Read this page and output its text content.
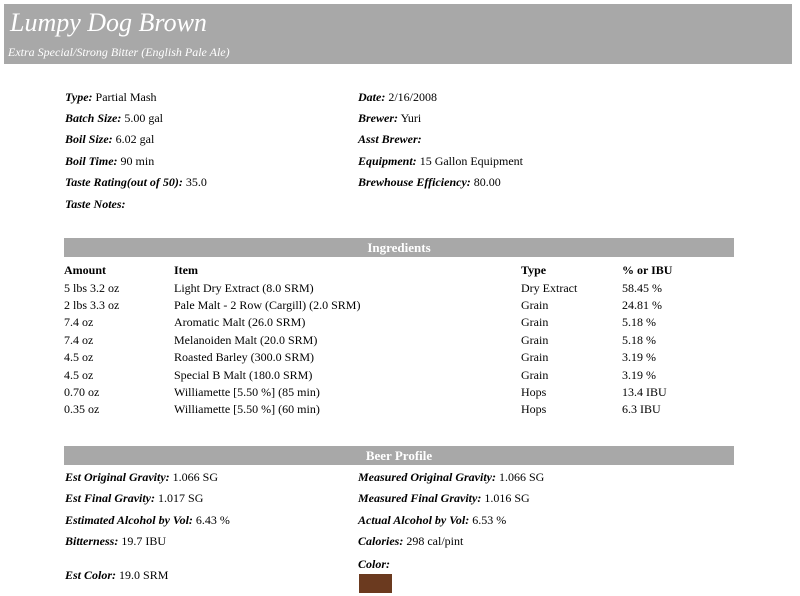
Lumpy Dog Brown
Extra Special/Strong Bitter (English Pale Ale)
Type: Partial Mash
Batch Size: 5.00 gal
Boil Size: 6.02 gal
Boil Time: 90 min
Taste Rating(out of 50): 35.0
Taste Notes:
Date: 2/16/2008
Brewer: Yuri
Asst Brewer:
Equipment: 15 Gallon Equipment
Brewhouse Efficiency: 80.00
Ingredients
Amount	Item	Type	% or IBU
5 lbs 3.2 oz	Light Dry Extract (8.0 SRM)	Dry Extract	58.45 %
2 lbs 3.3 oz	Pale Malt - 2 Row (Cargill) (2.0 SRM)	Grain	24.81 %
7.4 oz	Aromatic Malt (26.0 SRM)	Grain	5.18 %
7.4 oz	Melanoiden Malt (20.0 SRM)	Grain	5.18 %
4.5 oz	Roasted Barley (300.0 SRM)	Grain	3.19 %
4.5 oz	Special B Malt (180.0 SRM)	Grain	3.19 %
0.70 oz	Williamette [5.50 %] (85 min)	Hops	13.4 IBU
0.35 oz	Williamette [5.50 %] (60 min)	Hops	6.3 IBU
Beer Profile
Est Original Gravity: 1.066 SG
Est Final Gravity: 1.017 SG
Estimated Alcohol by Vol: 6.43 %
Bitterness: 19.7 IBU
Est Color: 19.0 SRM
Measured Original Gravity: 1.066 SG
Measured Final Gravity: 1.016 SG
Actual Alcohol by Vol: 6.53 %
Calories: 298 cal/pint
Color:
